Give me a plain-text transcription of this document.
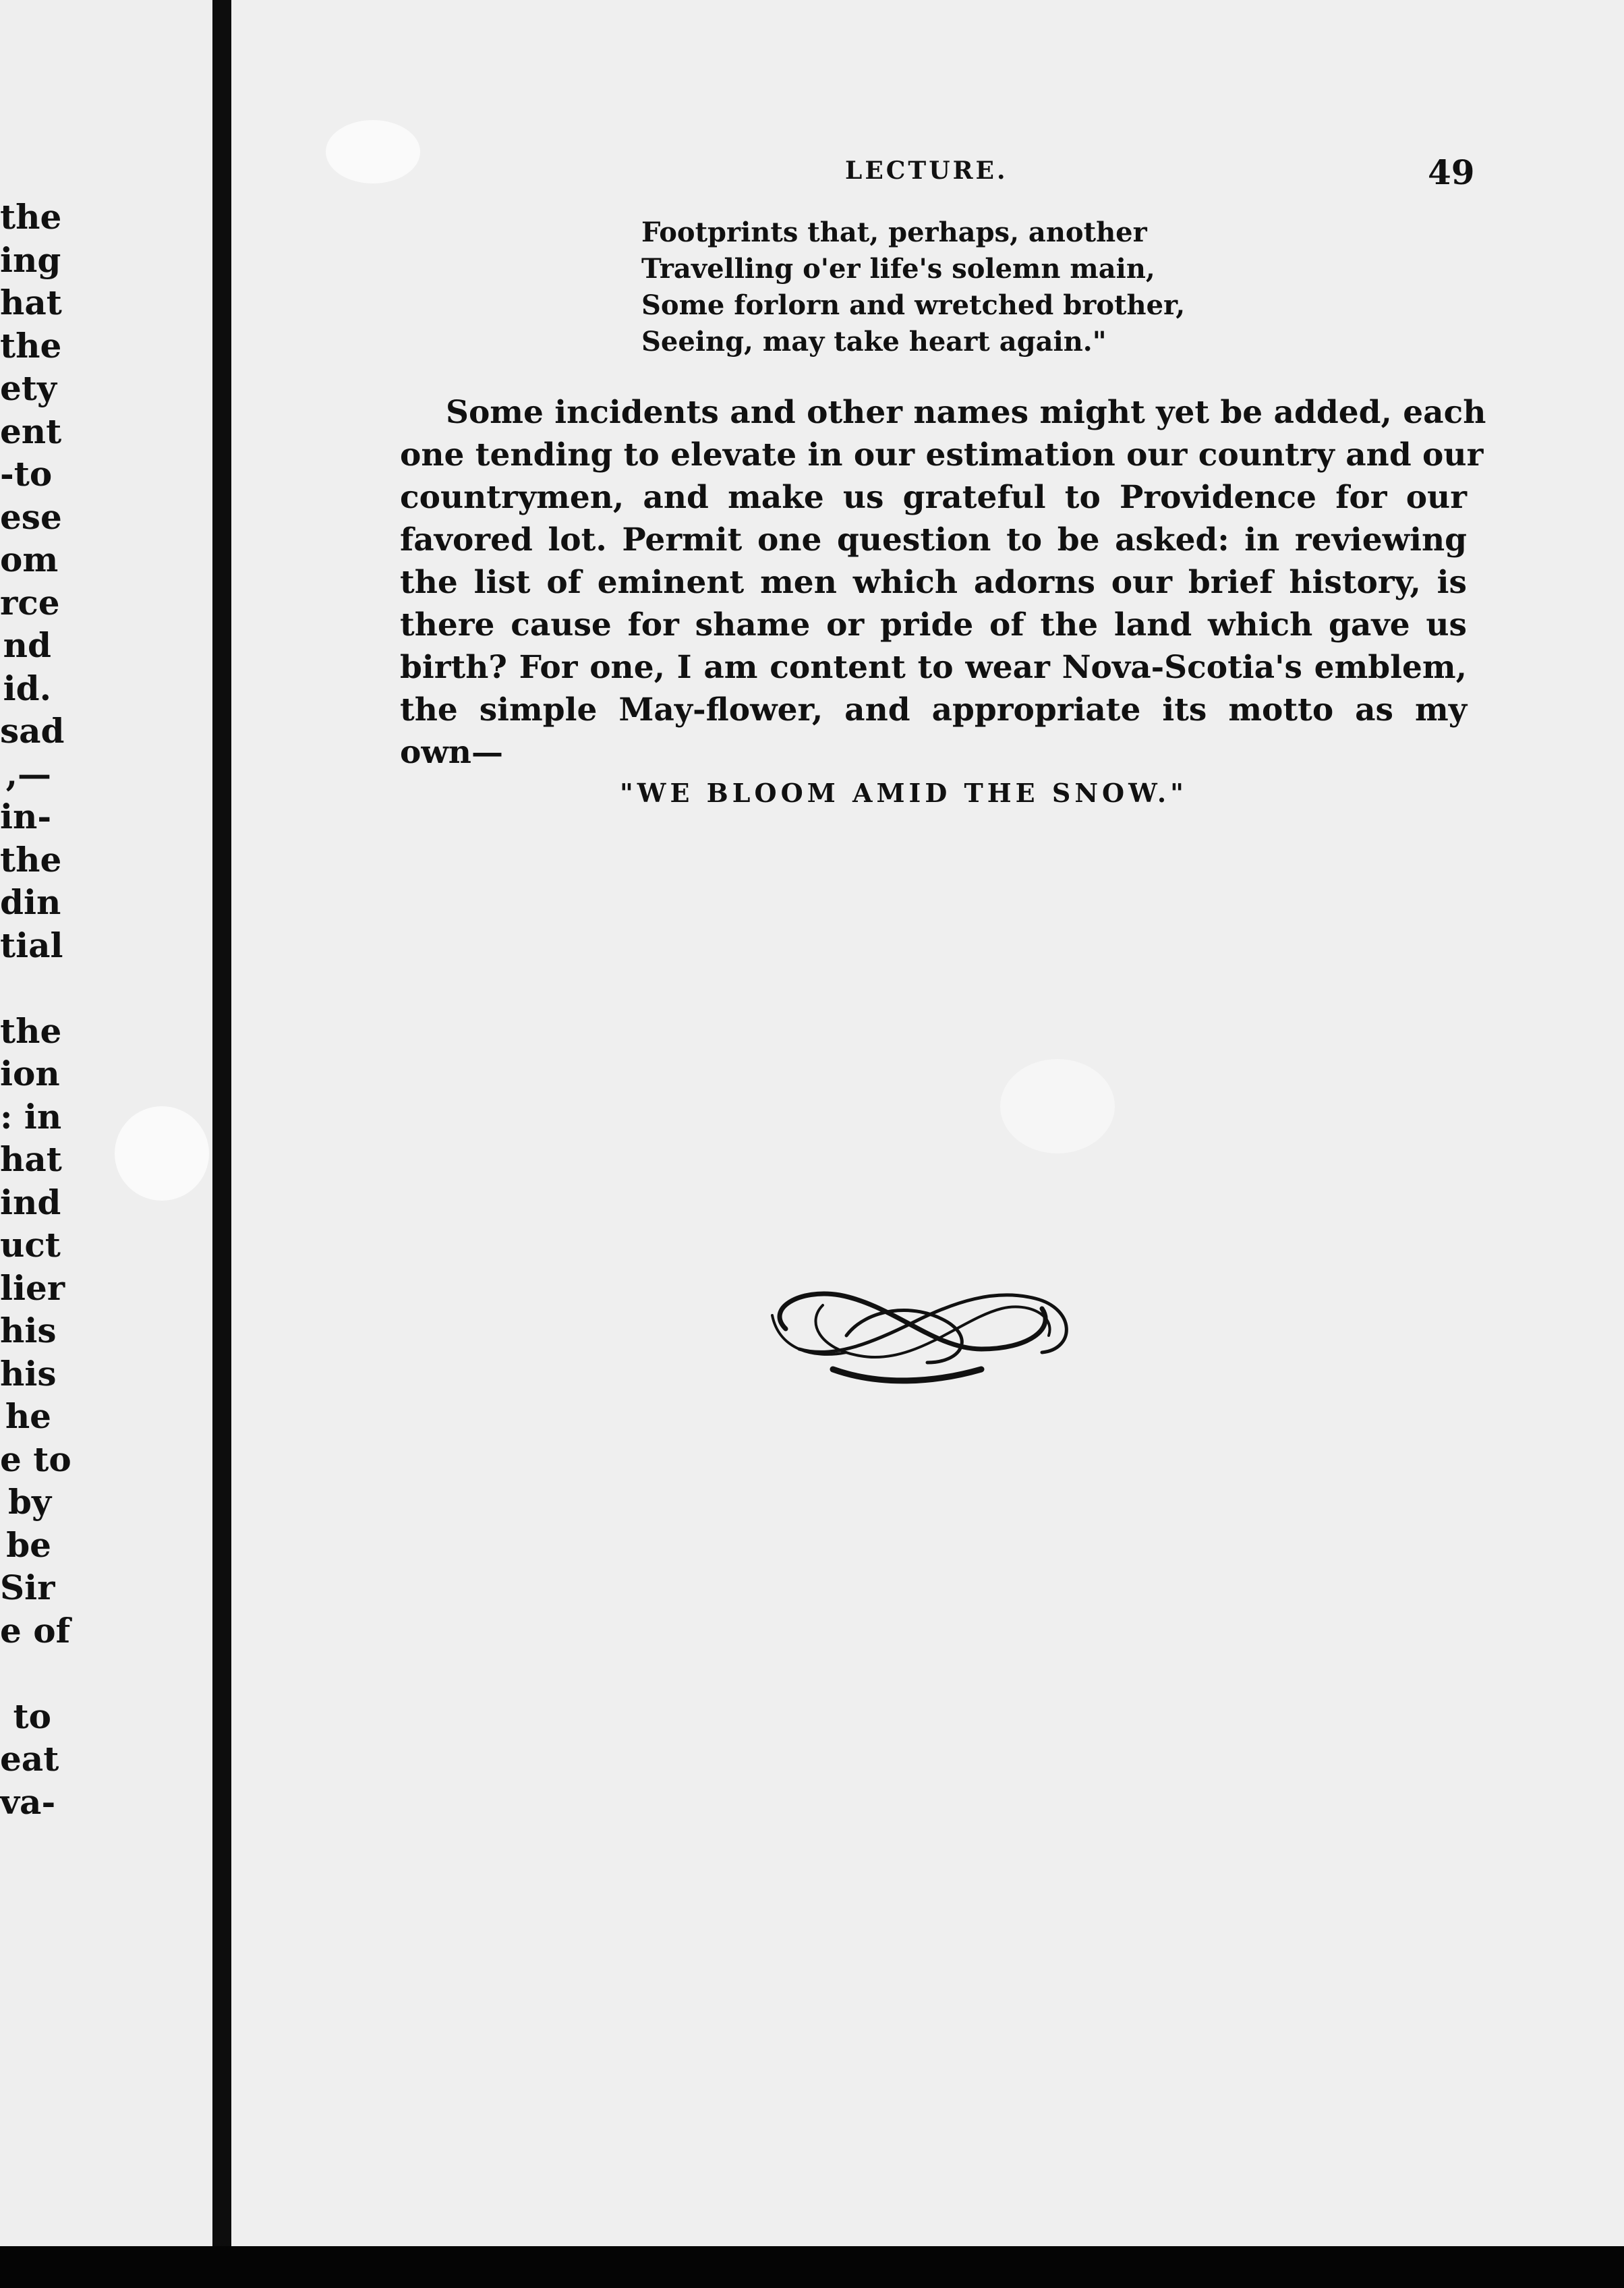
the
ing
hat
the
ety
ent
-to
ese
om
rce
nd
id.
sad
,—
in-
the
din
tial
the
ion
: in
hat
ind
uct
lier
his
his
he
e to
by
be
Sir
e of
to
eat
va-
LECTURE.	49
Footprints that, perhaps, another
Travelling o'er life's solemn main,
Some forlorn and wretched brother,
Seeing, may take heart again."
Some incidents and other names might yet be added, each
one tending to elevate in our estimation our country and our
countrymen, and make us grateful to Providence for our
favored lot. Permit one question to be asked: in reviewing
the list of eminent men which adorns our brief history, is
there cause for shame or pride of the land which gave us
birth? For one, I am content to wear Nova-Scotia's emblem,
the simple May-flower, and appropriate its motto as my
own—
"WE BLOOM AMID THE SNOW."
